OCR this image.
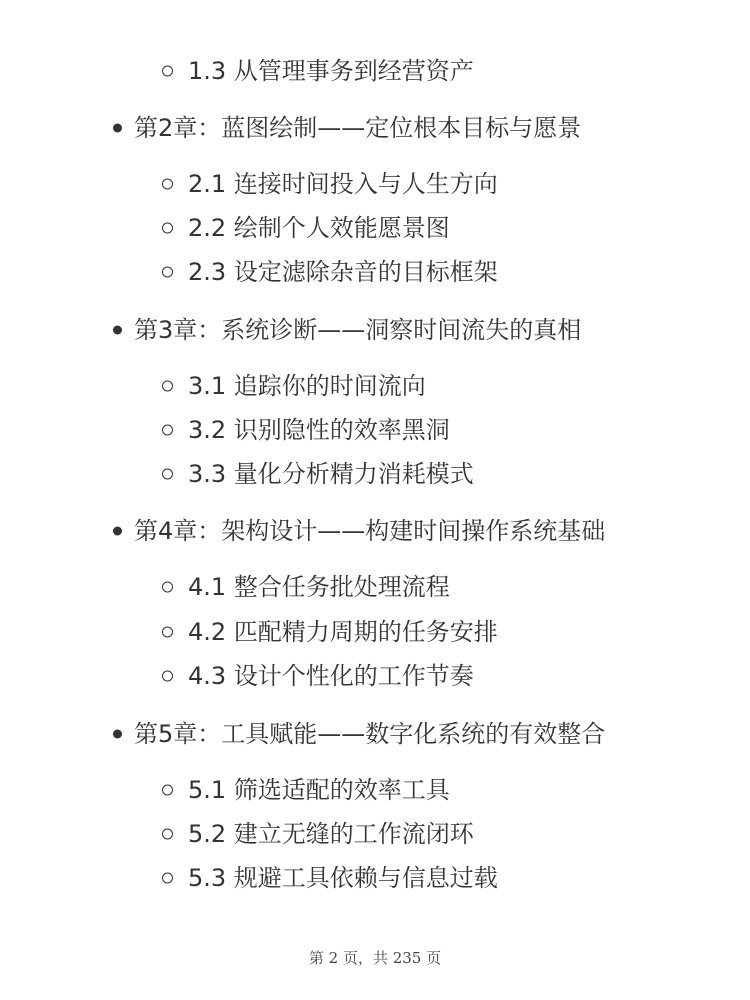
1.3 从管理事务到经营资产
第2章：蓝图绘制——定位根本目标与愿景
2.1 连接时间投入与人生方向
2.2 绘制个人效能愿景图
2.3 设定滤除杂音的目标框架
第3章：系统诊断——洞察时间流失的真相
3.1 追踪你的时间流向
3.2 识别隐性的效率黑洞
3.3 量化分析精力消耗模式
第4章：架构设计——构建时间操作系统基础
4.1 整合任务批处理流程
4.2 匹配精力周期的任务安排
4.3 设计个性化的工作节奏
第5章：工具赋能——数字化系统的有效整合
5.1 筛选适配的效率工具
5.2 建立无缝的工作流闭环
5.3 规避工具依赖与信息过载
第 2 页，共 235 页
